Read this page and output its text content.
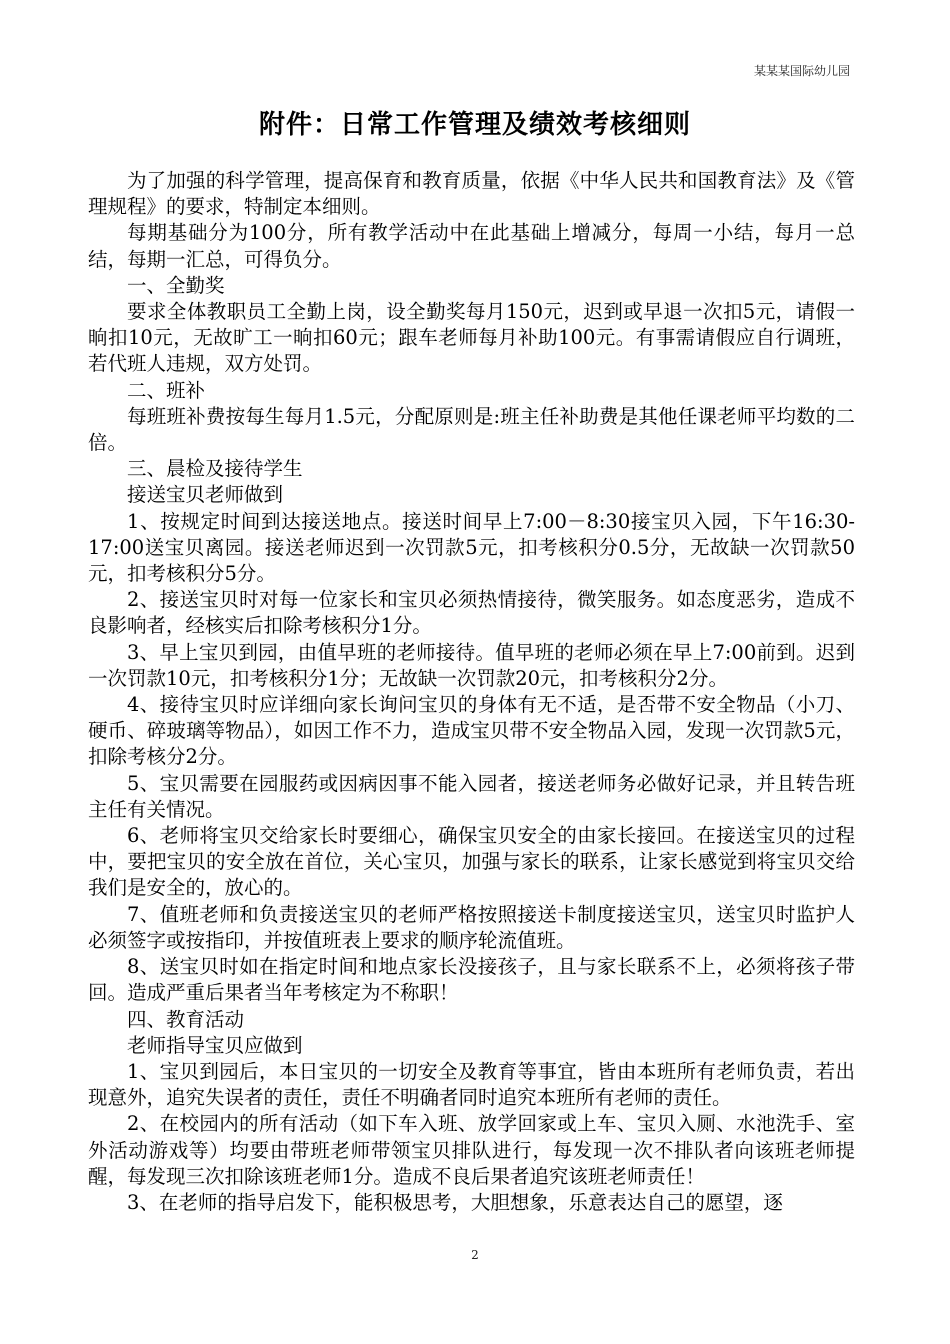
某某某国际幼儿园
附件：日常工作管理及绩效考核细则

为了加强的科学管理，提高保育和教育质量，依据《中华人民共和国教育法》及《管理规程》的要求，特制定本细则。

每期基础分为100分，所有教学活动中在此基础上增减分，每周一小结，每月一总结，每期一汇总，可得负分。

一、全勤奖

要求全体教职员工全勤上岗，设全勤奖每月150元，迟到或早退一次扣5元，请假一晌扣10元，无故旷工一晌扣60元；跟车老师每月补助100元。有事需请假应自行调班，若代班人违规，双方处罚。

二、班补

每班班补费按每生每月1.5元，分配原则是:班主任补助费是其他任课老师平均数的二倍。

三、晨检及接待学生

接送宝贝老师做到

1、按规定时间到达接送地点。接送时间早上7:00－8:30接宝贝入园，下午16:30-17:00送宝贝离园。接送老师迟到一次罚款5元，扣考核积分0.5分，无故缺一次罚款50元，扣考核积分5分。

2、接送宝贝时对每一位家长和宝贝必须热情接待，微笑服务。如态度恶劣，造成不良影响者，经核实后扣除考核积分1分。

3、早上宝贝到园，由值早班的老师接待。值早班的老师必须在早上7:00前到。迟到一次罚款10元，扣考核积分1分；无故缺一次罚款20元，扣考核积分2分。

4、接待宝贝时应详细向家长询问宝贝的身体有无不适，是否带不安全物品（小刀、硬币、碎玻璃等物品），如因工作不力，造成宝贝带不安全物品入园，发现一次罚款5元，扣除考核分2分。

5、宝贝需要在园服药或因病因事不能入园者，接送老师务必做好记录，并且转告班主任有关情况。

6、老师将宝贝交给家长时要细心，确保宝贝安全的由家长接回。在接送宝贝的过程中，要把宝贝的安全放在首位，关心宝贝，加强与家长的联系，让家长感觉到将宝贝交给我们是安全的，放心的。

7、值班老师和负责接送宝贝的老师严格按照接送卡制度接送宝贝，送宝贝时监护人必须签字或按指印，并按值班表上要求的顺序轮流值班。

8、送宝贝时如在指定时间和地点家长没接孩子，且与家长联系不上，必须将孩子带回。造成严重后果者当年考核定为不称职！

四、教育活动

老师指导宝贝应做到

1、宝贝到园后，本日宝贝的一切安全及教育等事宜，皆由本班所有老师负责，若出现意外，追究失误者的责任，责任不明确者同时追究本班所有老师的责任。

2、在校园内的所有活动（如下车入班、放学回家或上车、宝贝入厕、水池洗手、室外活动游戏等）均要由带班老师带领宝贝排队进行，每发现一次不排队者向该班老师提醒，每发现三次扣除该班老师1分。造成不良后果者追究该班老师责任！

3、在老师的指导启发下，能积极思考，大胆想象，乐意表达自己的愿望，逐

2
